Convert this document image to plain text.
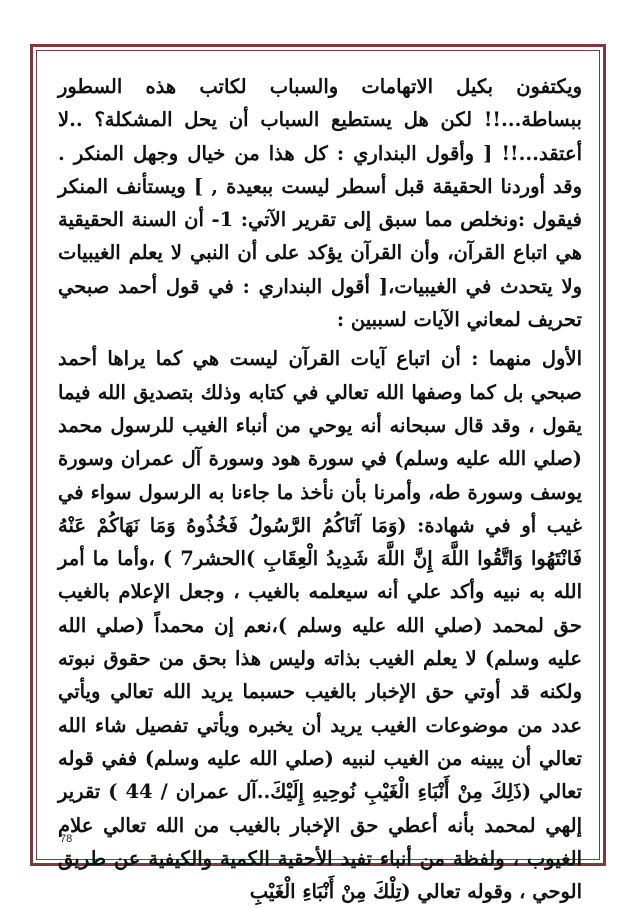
ويكتفون بكيل الاتهامات والسباب لكاتب هذه السطور ببساطة...!! لكن هل يستطيع السباب أن يحل المشكلة؟ ..لا أعتقد...!! [ وأقول البنداري : كل هذا من خيال وجهل المنكر . وقد أوردنا الحقيقة قبل أسطر ليست ببعيدة , ] ويستأنف المنكر فيقول :ونخلص مما سبق إلى تقرير الآتي: 1- أن السنة الحقيقية هي اتباع القرآن، وأن القرآن يؤكد على أن النبي لا يعلم الغيبيات ولا يتحدث في الغيبيات،[ أقول البنداري : في قول أحمد صبحي تحريف لمعاني الآيات لسببين :

الأول منهما : أن اتباع آيات القرآن ليست هي كما يراها أحمد صبحي بل كما وصفها الله تعالي في كتابه وذلك بتصديق الله فيما يقول ، وقد قال سبحانه أنه يوحي من أنباء الغيب للرسول محمد (صلي الله عليه وسلم) في سورة هود وسورة آل عمران وسورة يوسف وسورة طه، وأمرنا بأن نأخذ ما جاءنا به الرسول سواء في غيب أو في شهادة: (وَمَا آتَاكُمُ الرَّسُولُ فَخُذُوهُ وَمَا نَهَاكُمْ عَنْهُ فَانْتَهُوا وَاتَّقُوا اللَّهَ إِنَّ اللَّهَ شَدِيدُ الْعِقَابِ )الحشر7 ) ،وأما ما أمر الله به نبيه وأكد علي أنه سيعلمه بالغيب ، وجعل الإعلام بالغيب حق لمحمد (صلي الله عليه وسلم )،نعم إن محمداً (صلي الله عليه وسلم) لا يعلم الغيب بذاته وليس هذا بحق من حقوق نبوته ولكنه قد أوتي حق الإخبار بالغيب حسبما يريد الله تعالي ويأتي عدد من موضوعات الغيب يريد أن يخبره ويأتي تفصيل شاء الله تعالي أن يبينه من الغيب لنبيه (صلي الله عليه وسلم) ففي قوله تعالي (ذَلِكَ مِنْ أَنْبَاءِ الْغَيْبِ نُوحِيهِ إِلَيْكَ..آل عمران / 44 ) تقرير إلهي لمحمد بأنه أعطي حق الإخبار بالغيب من الله تعالي علام الغيوب ، ولفظة من أنباء تفيد الأحقية الكمية والكيفية عن طريق الوحي ، وقوله تعالي (تِلْكَ مِنْ أَنْبَاءِ الْغَيْبِ

78
